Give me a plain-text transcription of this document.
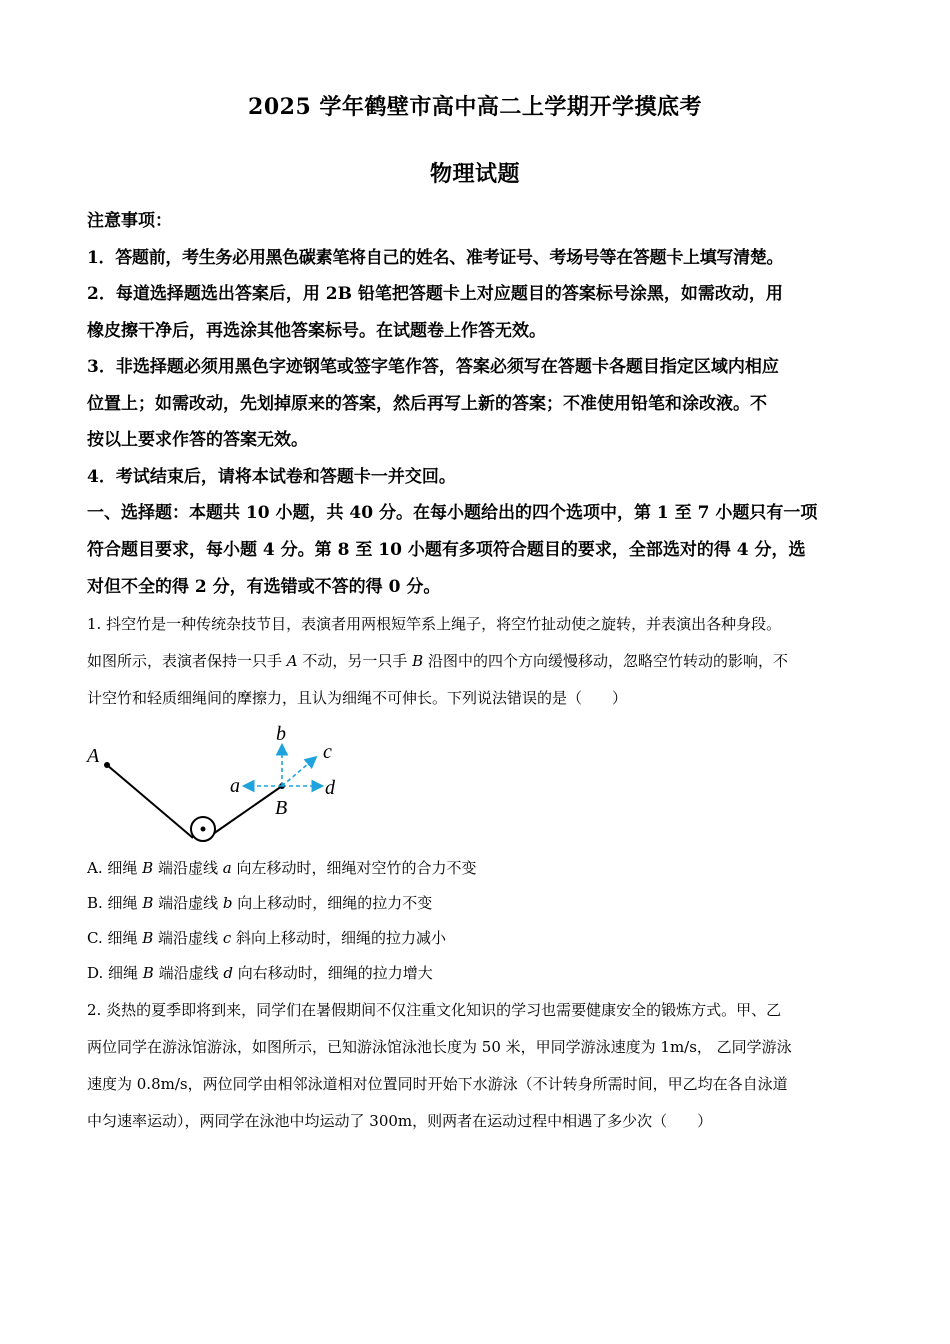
2025 学年鹤壁市高中高二上学期开学摸底考
物理试题
注意事项：
1．答题前，考生务必用黑色碳素笔将自己的姓名、准考证号、考场号等在答题卡上填写清楚。
2．每道选择题选出答案后，用 2B 铅笔把答题卡上对应题目的答案标号涂黑，如需改动，用
橡皮擦干净后，再选涂其他答案标号。在试题卷上作答无效。
3．非选择题必须用黑色字迹钢笔或签字笔作答，答案必须写在答题卡各题目指定区域内相应
位置上；如需改动，先划掉原来的答案，然后再写上新的答案；不准使用铅笔和涂改液。不
按以上要求作答的答案无效。
4．考试结束后，请将本试卷和答题卡一并交回。
一、选择题：本题共 10 小题，共 40 分。在每小题给出的四个选项中，第 1 至 7 小题只有一项
符合题目要求，每小题 4 分。第 8 至 10 小题有多项符合题目的要求，全部选对的得 4 分，选
对但不全的得 2 分，有选错或不答的得 0 分。
1. 抖空竹是一种传统杂技节目，表演者用两根短竿系上绳子，将空竹扯动使之旋转，并表演出各种身段。
如图所示，表演者保持一只手 A 不动，另一只手 B 沿图中的四个方向缓慢移动，忽略空竹转动的影响，不
计空竹和轻质细绳间的摩擦力，且认为细绳不可伸长。下列说法错误的是（　　）
A
B
a
b
c
d
A. 细绳 B 端沿虚线 a 向左移动时，细绳对空竹的合力不变
B. 细绳 B 端沿虚线 b 向上移动时，细绳的拉力不变
C. 细绳 B 端沿虚线 c 斜向上移动时，细绳的拉力减小
D. 细绳 B 端沿虚线 d 向右移动时，细绳的拉力增大
2. 炎热的夏季即将到来，同学们在暑假期间不仅注重文化知识的学习也需要健康安全的锻炼方式。甲、乙
两位同学在游泳馆游泳，如图所示，已知游泳馆泳池长度为 50 米，甲同学游泳速度为 1m/s， 乙同学游泳
速度为 0.8m/s，两位同学由相邻泳道相对位置同时开始下水游泳（不计转身所需时间，甲乙均在各自泳道
中匀速率运动），两同学在泳池中均运动了 300m，则两者在运动过程中相遇了多少次（　　）
